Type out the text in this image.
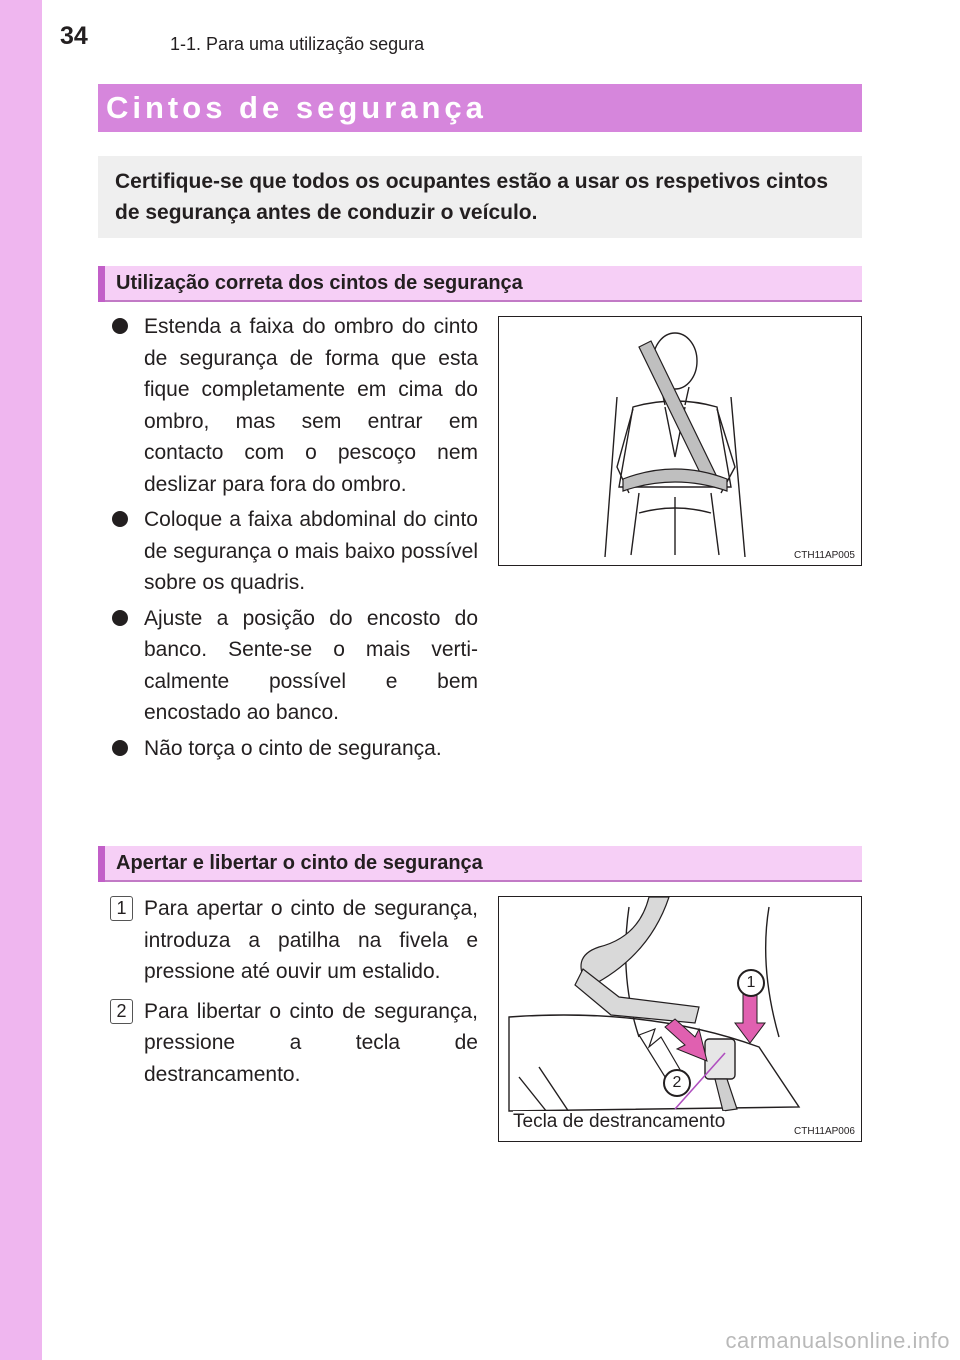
34	1-1. Para uma utilização segura
Cintos de segurança

Certifique-se que todos os ocupantes estão a usar os respetivos cintos de segurança antes de conduzir o veículo.

Utilização correta dos cintos de segurança
Estenda a faixa do ombro do cinto de segurança de forma que esta fique completamente em cima do ombro, mas sem entrar em contacto com o pescoço nem deslizar para fora do ombro.
Coloque a faixa abdominal do cinto de segurança o mais baixo possível sobre os quadris.
Ajuste a posição do encosto do banco. Sente-se o mais verticalmente possível e bem encostado ao banco.
Não torça o cinto de segurança.
CTH11AP005
Apertar e libertar o cinto de segurança
1 Para apertar o cinto de segurança, introduza a patilha na fivela e pressione até ouvir um estalido.
2 Para libertar o cinto de segurança, pressione a tecla de destrancamento.
1
2
Tecla de destrancamento	CTH11AP006
carmanualsonline.info
